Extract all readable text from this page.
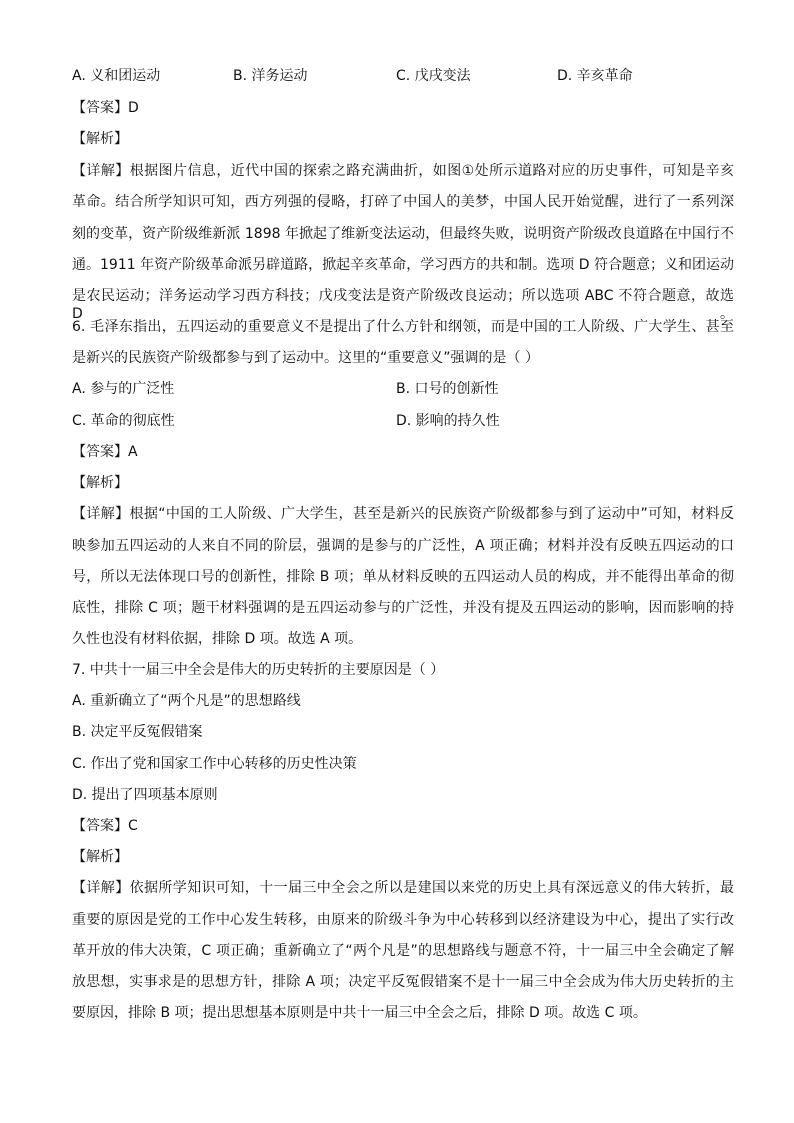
A. 义和团运动	B. 洋务运动	C. 戊戌变法	D. 辛亥革命
【答案】D
【解析】
【详解】根据图片信息，近代中国的探索之路充满曲折，如图①处所示道路对应的历史事件，可知是辛亥
革命。结合所学知识可知，西方列强的侵略，打碎了中国人的美梦，中国人民开始觉醒，进行了一系列深
刻的变革，资产阶级维新派 1898 年掀起了维新变法运动，但最终失败，说明资产阶级改良道路在中国行不
通。1911 年资产阶级革命派另辟道路，掀起辛亥革命，学习西方的共和制。选项 D 符合题意；义和团运动
是农民运动；洋务运动学习西方科技；戊戌变法是资产阶级改良运动；所以选项 ABC 不符合题意，故选 D。
6. 毛泽东指出，五四运动的重要意义不是提出了什么方针和纲领，而是中国的工人阶级、广大学生、甚至
是新兴的民族资产阶级都参与到了运动中。这里的“重要意义”强调的是（ ）
A. 参与的广泛性	B. 口号的创新性
C. 革命的彻底性	D. 影响的持久性
【答案】A
【解析】
【详解】根据“中国的工人阶级、广大学生，甚至是新兴的民族资产阶级都参与到了运动中”可知，材料反
映参加五四运动的人来自不同的阶层，强调的是参与的广泛性，A 项正确；材料并没有反映五四运动的口
号，所以无法体现口号的创新性，排除 B 项；单从材料反映的五四运动人员的构成，并不能得出革命的彻
底性，排除 C 项；题干材料强调的是五四运动参与的广泛性，并没有提及五四运动的影响，因而影响的持
久性也没有材料依据，排除 D 项。故选 A 项。
7. 中共十一届三中全会是伟大的历史转折的主要原因是（ ）
A. 重新确立了“两个凡是”的思想路线
B. 决定平反冤假错案
C. 作出了党和国家工作中心转移的历史性决策
D. 提出了四项基本原则
【答案】C
【解析】
【详解】依据所学知识可知，十一届三中全会之所以是建国以来党的历史上具有深远意义的伟大转折，最
重要的原因是党的工作中心发生转移，由原来的阶级斗争为中心转移到以经济建设为中心，提出了实行改
革开放的伟大决策，C 项正确；重新确立了“两个凡是”的思想路线与题意不符，十一届三中全会确定了解
放思想，实事求是的思想方针，排除 A 项；决定平反冤假错案不是十一届三中全会成为伟大历史转折的主
要原因，排除 B 项；提出思想基本原则是中共十一届三中全会之后，排除 D 项。故选 C 项。
